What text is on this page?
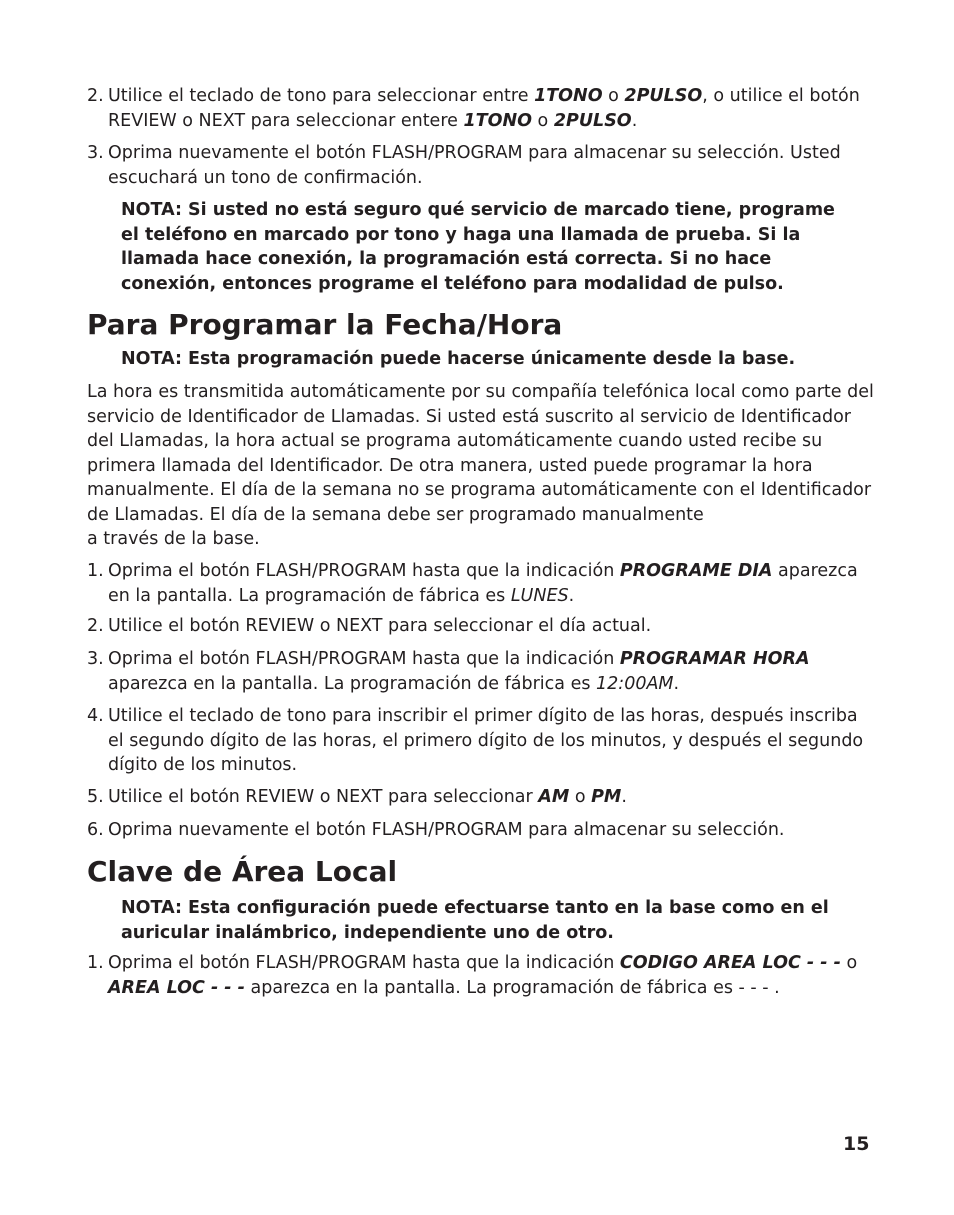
2. Utilice el teclado de tono para seleccionar entre 1TONO o 2PULSO, o utilice el botón REVIEW o NEXT para seleccionar entere 1TONO o 2PULSO.
3. Oprima nuevamente el botón FLASH/PROGRAM para almacenar su selección. Usted escuchará un tono de confirmación.
NOTA: Si usted no está seguro qué servicio de marcado tiene, programe el teléfono en marcado por tono y haga una llamada de prueba. Si la llamada hace conexión, la programación está correcta. Si no hace conexión, entonces programe el teléfono para modalidad de pulso.
Para Programar la Fecha/Hora
NOTA: Esta programación puede hacerse únicamente desde la base.
La hora es transmitida automáticamente por su compañía telefónica local como parte del servicio de Identificador de Llamadas. Si usted está suscrito al servicio de Identificador del Llamadas, la hora actual se programa automáticamente cuando usted recibe su primera llamada del Identificador. De otra manera, usted puede programar la hora manualmente. El día de la semana no se programa automáticamente con el Identificador de Llamadas. El día de la semana debe ser programado manualmente
a través de la base.
1. Oprima el botón FLASH/PROGRAM hasta que la indicación PROGRAME DIA aparezca en la pantalla. La programación de fábrica es LUNES.
2. Utilice el botón REVIEW o NEXT para seleccionar el día actual.
3. Oprima el botón FLASH/PROGRAM hasta que la indicación PROGRAMAR HORA aparezca en la pantalla. La programación de fábrica es 12:00AM.
4. Utilice el teclado de tono para inscribir el primer dígito de las horas, después inscriba el segundo dígito de las horas, el primero dígito de los minutos, y después el segundo dígito de los minutos.
5. Utilice el botón REVIEW o NEXT para seleccionar AM o PM.
6. Oprima nuevamente el botón FLASH/PROGRAM para almacenar su selección.
Clave de Área Local
NOTA: Esta configuración puede efectuarse tanto en la base como en el auricular inalámbrico, independiente uno de otro.
1. Oprima el botón FLASH/PROGRAM hasta que la indicación CODIGO AREA LOC - - - o AREA LOC - - - aparezca en la pantalla. La programación de fábrica es - - - .
15
